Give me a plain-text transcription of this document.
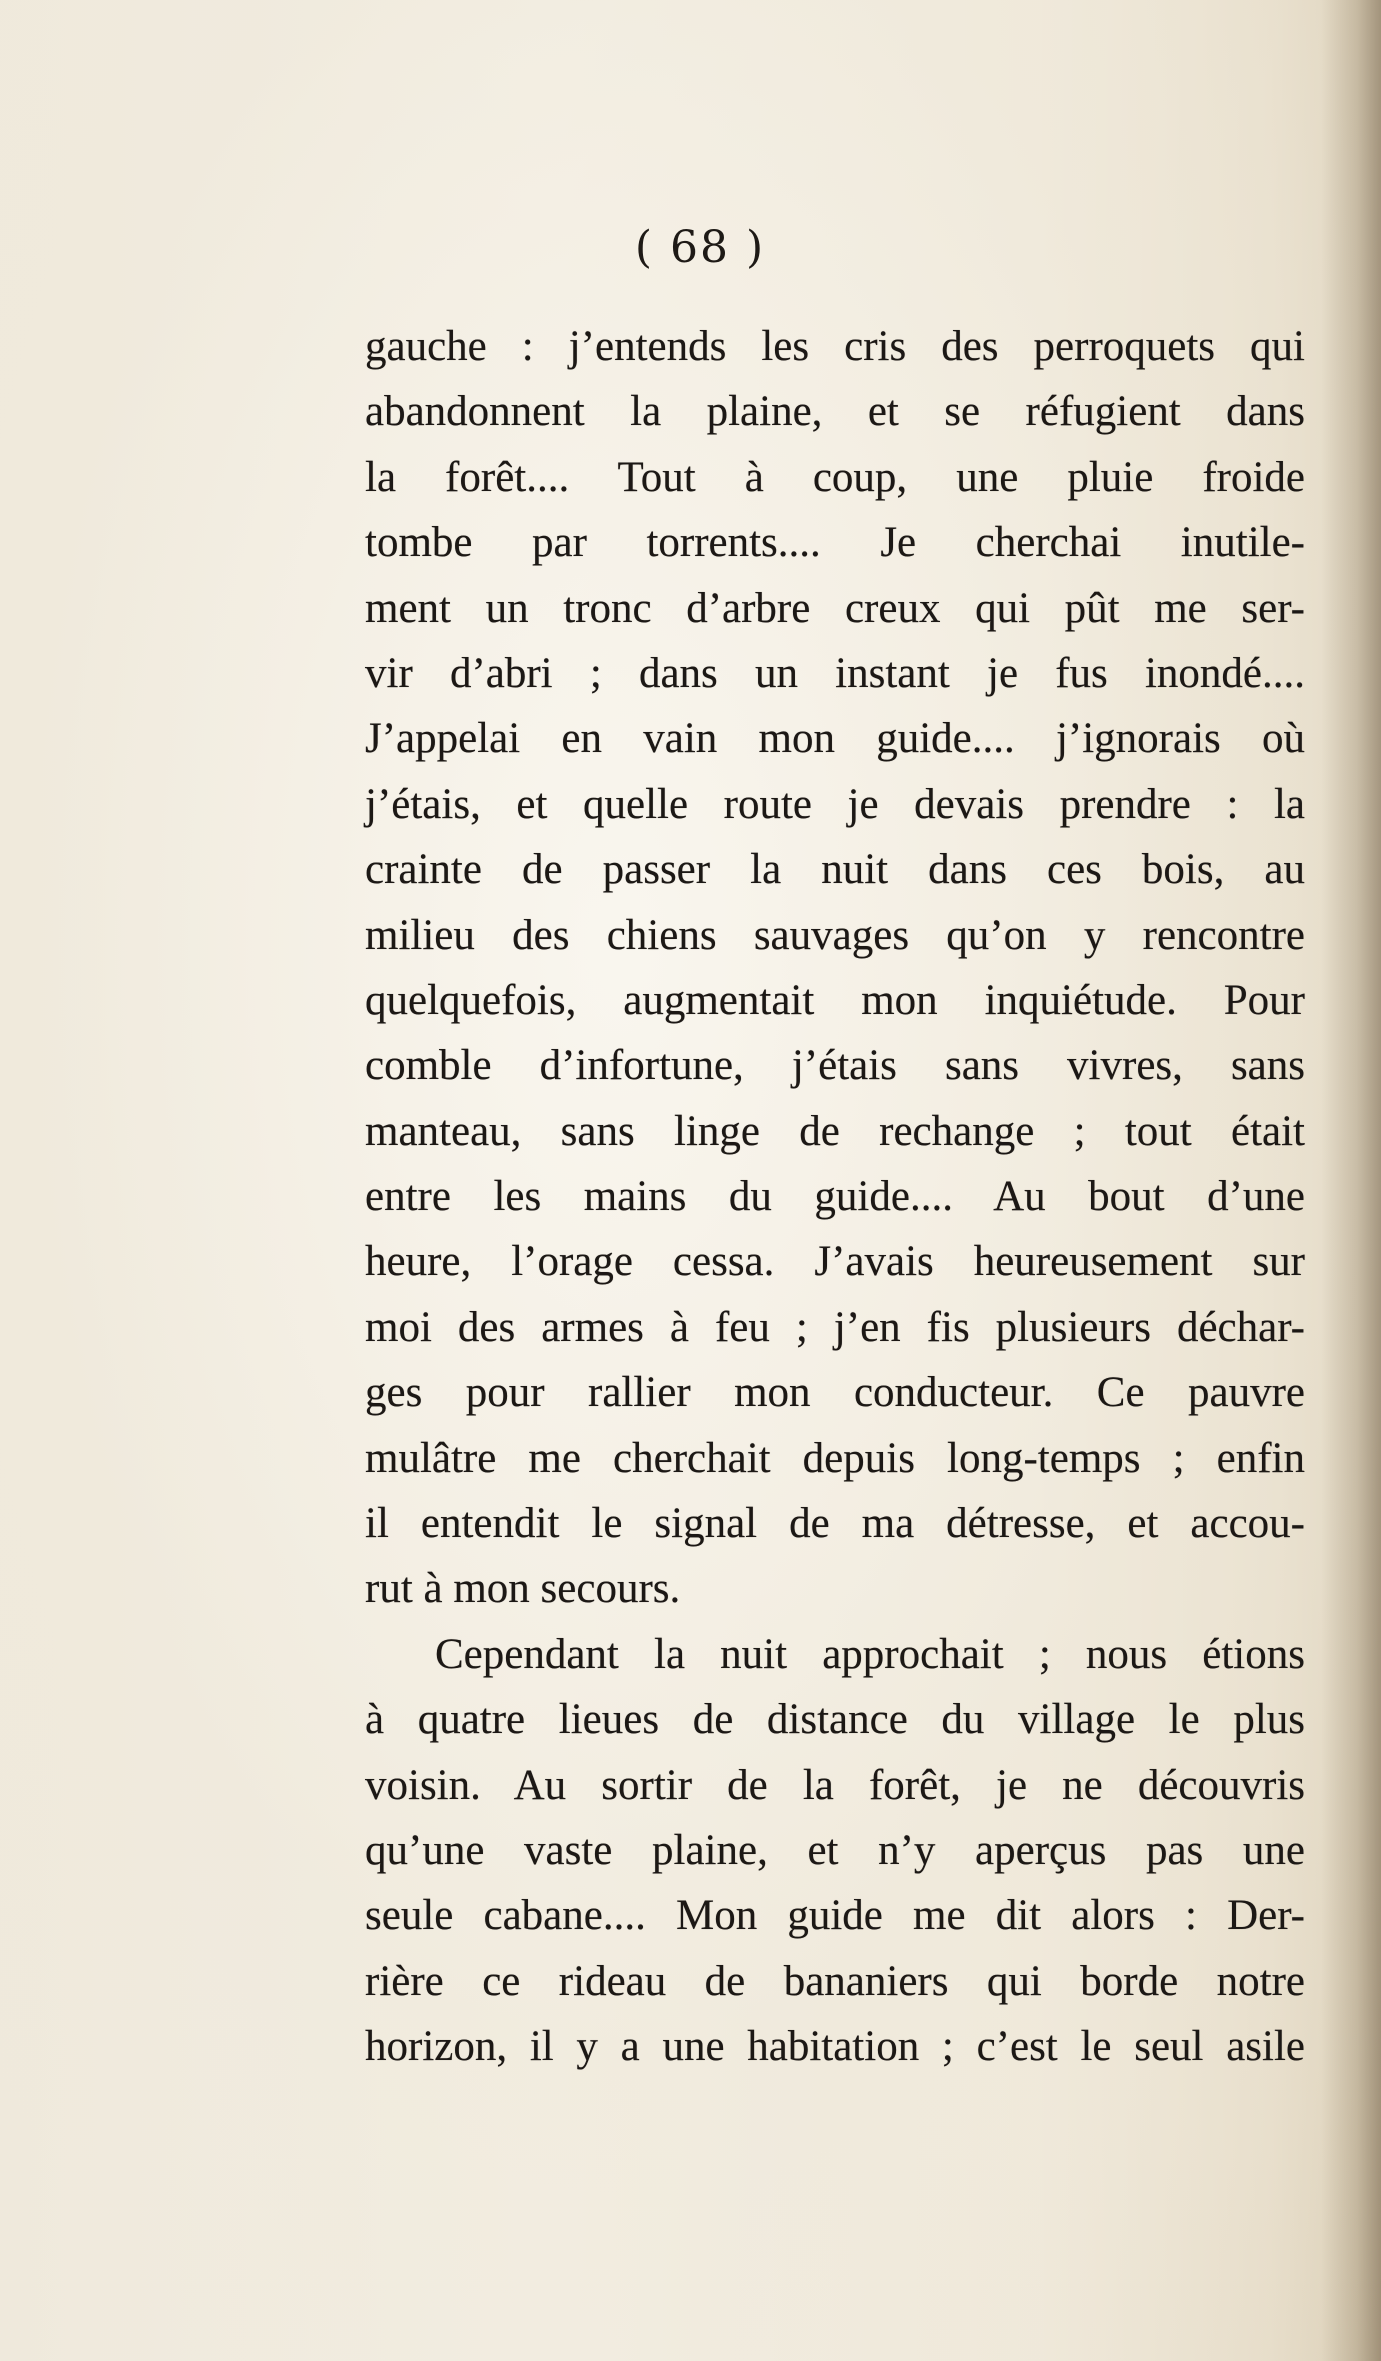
( 68 )
gauche : j’entends les cris des perroquets qui
abandonnent la plaine, et se réfugient dans
la forêt.... Tout à coup, une pluie froide
tombe par torrents.... Je cherchai inutile-
ment un tronc d’arbre creux qui pût me ser-
vir d’abri ; dans un instant je fus inondé....
J’appelai en vain mon guide.... j’ignorais où
j’étais, et quelle route je devais prendre : la
crainte de passer la nuit dans ces bois, au
milieu des chiens sauvages qu’on y rencontre
quelquefois, augmentait mon inquiétude. Pour
comble d’infortune, j’étais sans vivres, sans
manteau, sans linge de rechange ; tout était
entre les mains du guide.... Au bout d’une
heure, l’orage cessa. J’avais heureusement sur
moi des armes à feu ; j’en fis plusieurs déchar-
ges pour rallier mon conducteur. Ce pauvre
mulâtre me cherchait depuis long-temps ; enfin
il entendit le signal de ma détresse, et accou-
rut à mon secours.
Cependant la nuit approchait ; nous étions
à quatre lieues de distance du village le plus
voisin. Au sortir de la forêt, je ne découvris
qu’une vaste plaine, et n’y aperçus pas une
seule cabane.... Mon guide me dit alors : Der-
rière ce rideau de bananiers qui borde notre
horizon, il y a une habitation ; c’est le seul asile
